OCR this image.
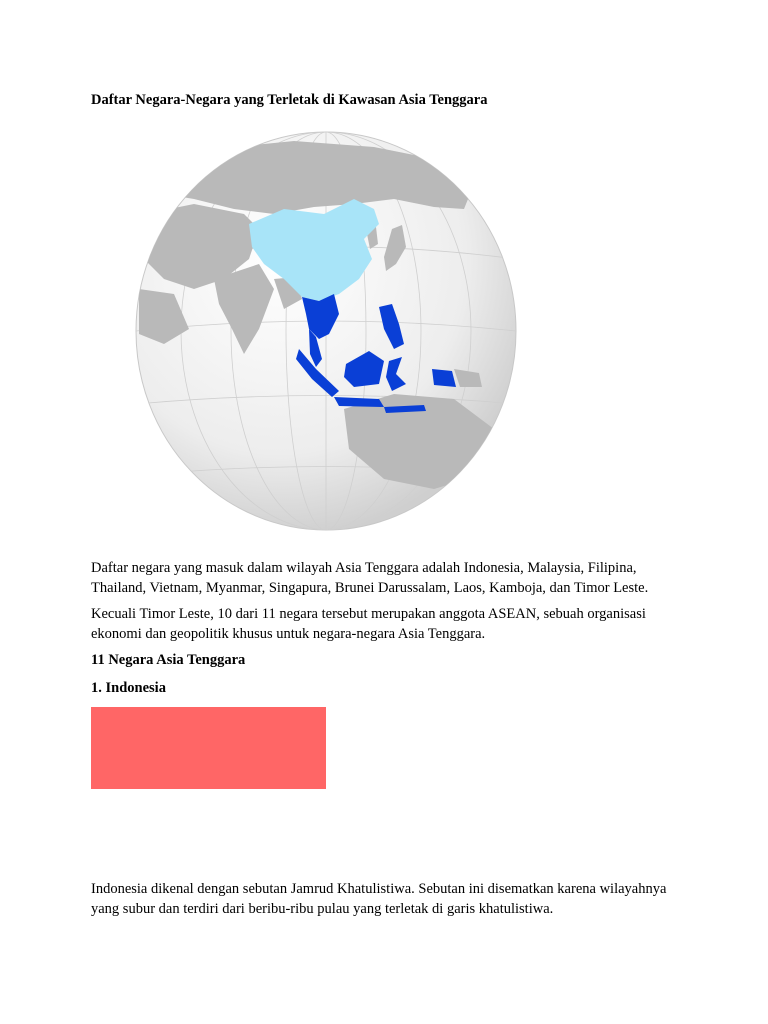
Daftar Negara-Negara yang Terletak di Kawasan Asia Tenggara

Daftar negara yang masuk dalam wilayah Asia Tenggara adalah Indonesia, Malaysia, Filipina, Thailand, Vietnam, Myanmar, Singapura, Brunei Darussalam, Laos, Kamboja, dan Timor Leste.

Kecuali Timor Leste, 10 dari 11 negara tersebut merupakan anggota ASEAN, sebuah organisasi ekonomi dan geopolitik khusus untuk negara-negara Asia Tenggara.

11 Negara Asia Tenggara
1. Indonesia

Indonesia dikenal dengan sebutan Jamrud Khatulistiwa. Sebutan ini disematkan karena wilayahnya yang subur dan terdiri dari beribu-ribu pulau yang terletak di garis khatulistiwa.
